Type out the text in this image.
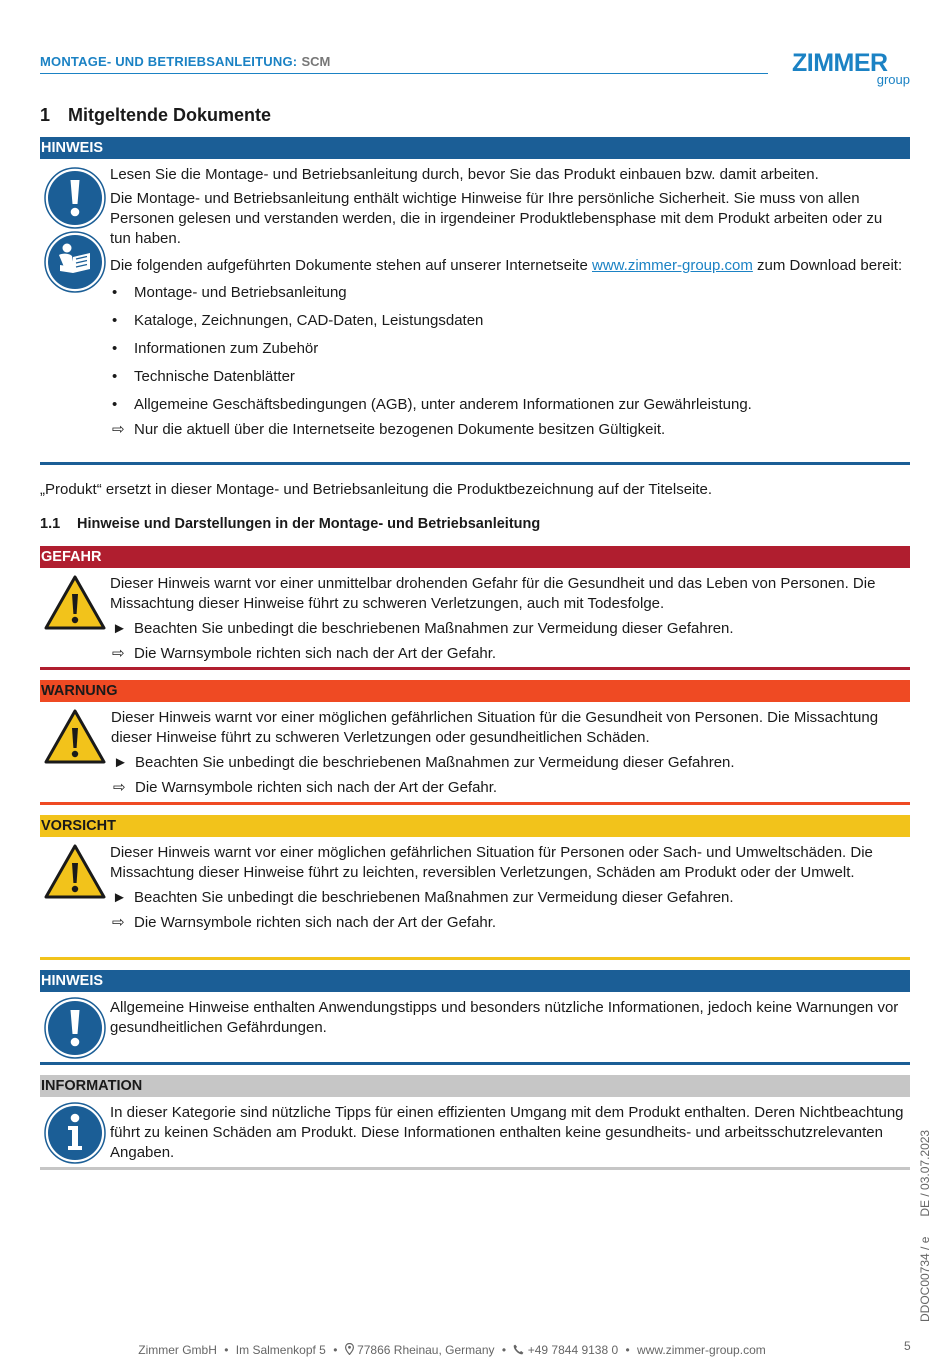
MONTAGE- UND BETRIEBSANLEITUNG: SCM	ZIMMER
group
1 Mitgeltende Dokumente
HINWEIS

Lesen Sie die Montage- und Betriebsanleitung durch, bevor Sie das Produkt einbauen bzw. damit arbeiten.

Die Montage- und Betriebsanleitung enthält wichtige Hinweise für Ihre persönliche Sicherheit. Sie muss von allen Personen gelesen und verstanden werden, die in irgendeiner Produktlebensphase mit dem Produkt arbeiten oder zu tun haben.

Die folgenden aufgeführten Dokumente stehen auf unserer Internetseite www.zimmer-group.com zum Download bereit:

• Montage- und Betriebsanleitung
• Kataloge, Zeichnungen, CAD-Daten, Leistungsdaten
• Informationen zum Zubehör
• Technische Datenblätter
• Allgemeine Geschäftsbedingungen (AGB), unter anderem Informationen zur Gewährleistung.
⇨ Nur die aktuell über die Internetseite bezogenen Dokumente besitzen Gültigkeit.
„Produkt“ ersetzt in dieser Montage- und Betriebsanleitung die Produktbezeichnung auf der Titelseite.
1.1 Hinweise und Darstellungen in der Montage- und Betriebsanleitung
GEFAHR

Dieser Hinweis warnt vor einer unmittelbar drohenden Gefahr für die Gesundheit und das Leben von Personen. Die Missachtung dieser Hinweise führt zu schweren Verletzungen, auch mit Todesfolge.

► Beachten Sie unbedingt die beschriebenen Maßnahmen zur Vermeidung dieser Gefahren.
⇨ Die Warnsymbole richten sich nach der Art der Gefahr.
WARNUNG

Dieser Hinweis warnt vor einer möglichen gefährlichen Situation für die Gesundheit von Personen. Die Missachtung dieser Hinweise führt zu schweren Verletzungen oder gesundheitlichen Schäden.

► Beachten Sie unbedingt die beschriebenen Maßnahmen zur Vermeidung dieser Gefahren.
⇨ Die Warnsymbole richten sich nach der Art der Gefahr.
VORSICHT

Dieser Hinweis warnt vor einer möglichen gefährlichen Situation für Personen oder Sach- und Umweltschäden. Die Missachtung dieser Hinweise führt zu leichten, reversiblen Verletzungen, Schäden am Produkt oder der Umwelt.

► Beachten Sie unbedingt die beschriebenen Maßnahmen zur Vermeidung dieser Gefahren.
⇨ Die Warnsymbole richten sich nach der Art der Gefahr.
HINWEIS

Allgemeine Hinweise enthalten Anwendungstipps und besonders nützliche Informationen, jedoch keine Warnungen vor gesundheitlichen Gefährdungen.

INFORMATION

In dieser Kategorie sind nützliche Tipps für einen effizienten Umgang mit dem Produkt enthalten. Deren Nichtbeachtung führt zu keinen Schäden am Produkt. Diese Informationen enthalten keine gesundheits- und arbeitsschutzrelevanten Angaben.	DDOC00734 / e      DE / 03.07.2023
5
Zimmer GmbH • Im Salmenkopf 5 • 77866 Rheinau, Germany • +49 7844 9138 0 • www.zimmer-group.com
